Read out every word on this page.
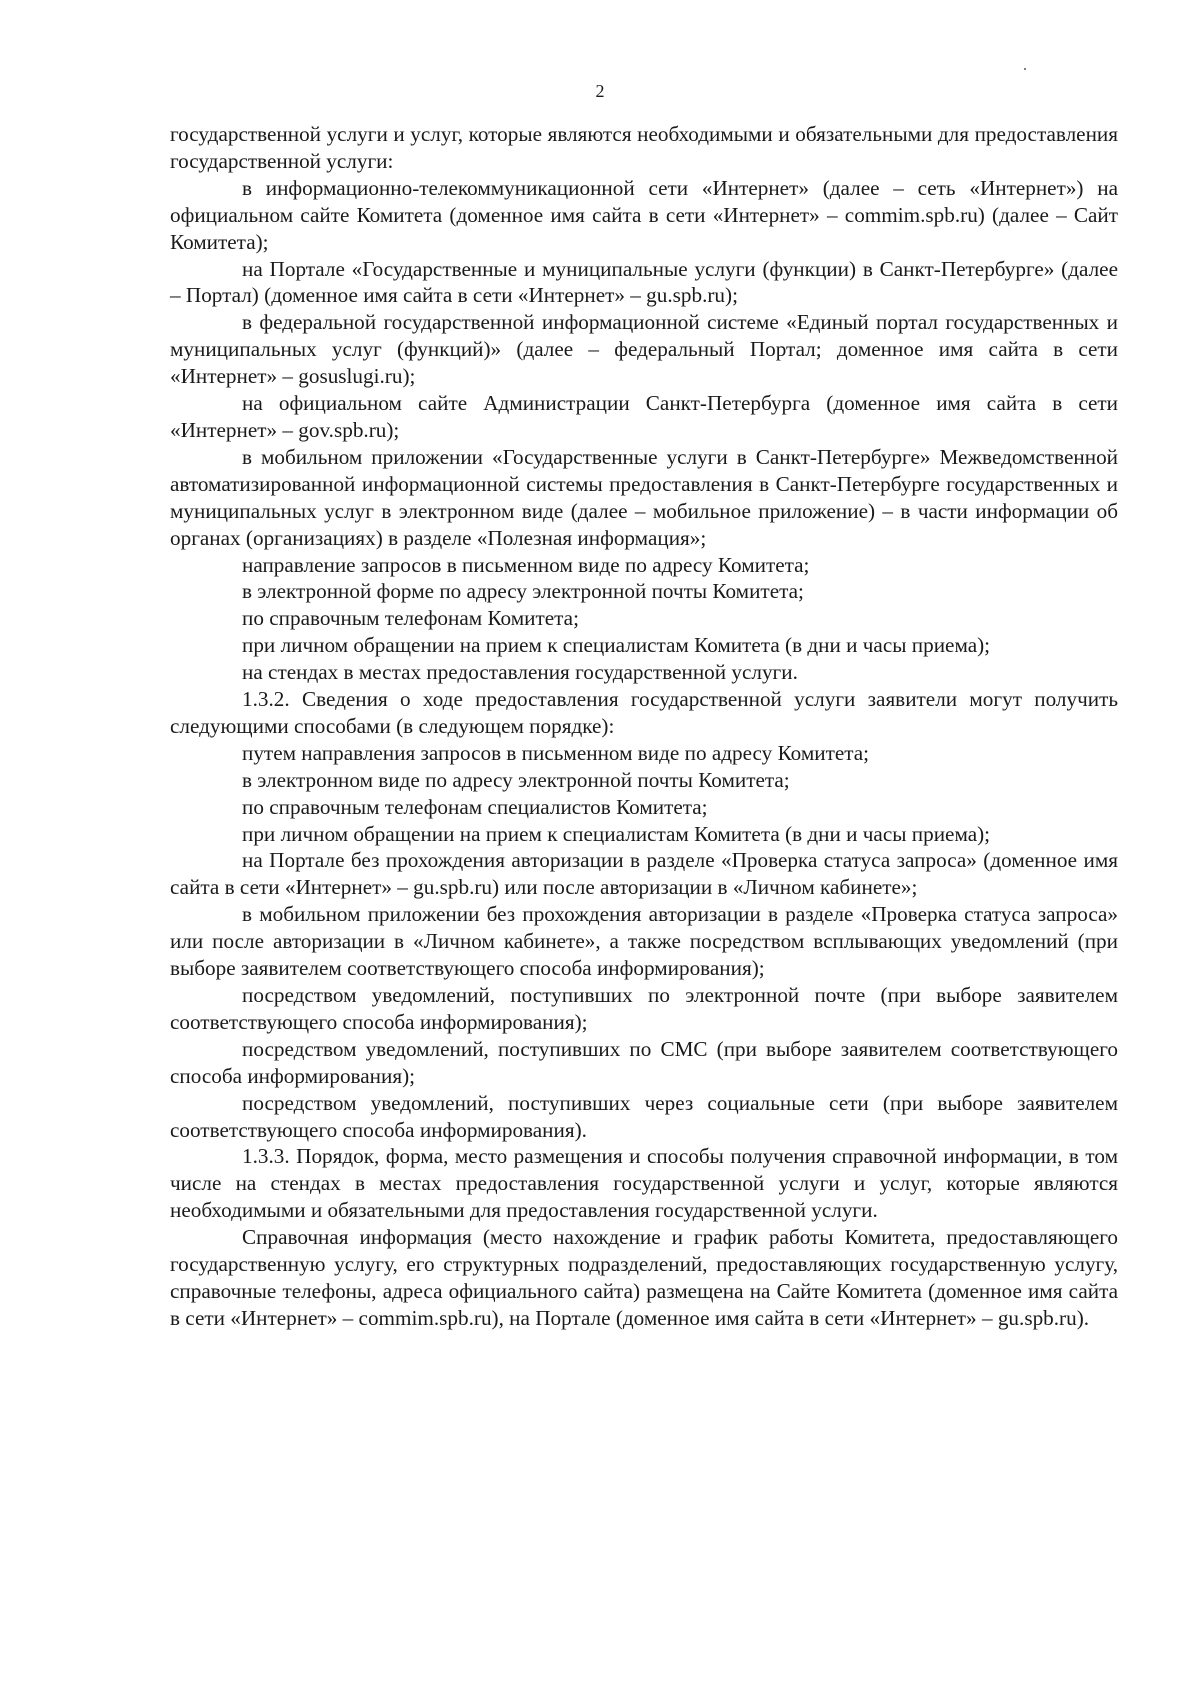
2

государственной услуги и услуг, которые являются необходимыми и обязательными для предоставления государственной услуги:

в информационно-телекоммуникационной сети «Интернет» (далее – сеть «Интернет») на официальном сайте Комитета (доменное имя сайта в сети «Интернет» – commim.spb.ru) (далее – Сайт Комитета);

на Портале «Государственные и муниципальные услуги (функции) в Санкт-Петербурге» (далее – Портал) (доменное имя сайта в сети «Интернет» – gu.spb.ru);

в федеральной государственной информационной системе «Единый портал государственных и муниципальных услуг (функций)» (далее – федеральный Портал; доменное имя сайта в сети «Интернет» – gosuslugi.ru);

на официальном сайте Администрации Санкт-Петербурга (доменное имя сайта в сети «Интернет» – gov.spb.ru);

в мобильном приложении «Государственные услуги в Санкт-Петербурге» Межведомственной автоматизированной информационной системы предоставления в Санкт-Петербурге государственных и муниципальных услуг в электронном виде (далее – мобильное приложение) – в части информации об органах (организациях) в разделе «Полезная информация»;

направление запросов в письменном виде по адресу Комитета;

в электронной форме по адресу электронной почты Комитета;

по справочным телефонам Комитета;

при личном обращении на прием к специалистам Комитета (в дни и часы приема);

на стендах в местах предоставления государственной услуги.

1.3.2. Сведения о ходе предоставления государственной услуги заявители могут получить следующими способами (в следующем порядке):

путем направления запросов в письменном виде по адресу Комитета;

в электронном виде по адресу электронной почты Комитета;

по справочным телефонам специалистов Комитета;

при личном обращении на прием к специалистам Комитета (в дни и часы приема);

на Портале без прохождения авторизации в разделе «Проверка статуса запроса» (доменное имя сайта в сети «Интернет» – gu.spb.ru) или после авторизации в «Личном кабинете»;

в мобильном приложении без прохождения авторизации в разделе «Проверка статуса запроса» или после авторизации в «Личном кабинете», а также посредством всплывающих уведомлений (при выборе заявителем соответствующего способа информирования);

посредством уведомлений, поступивших по электронной почте (при выборе заявителем соответствующего способа информирования);

посредством уведомлений, поступивших по СМС (при выборе заявителем соответствующего способа информирования);

посредством уведомлений, поступивших через социальные сети (при выборе заявителем соответствующего способа информирования).

1.3.3. Порядок, форма, место размещения и способы получения справочной информации, в том числе на стендах в местах предоставления государственной услуги и услуг, которые являются необходимыми и обязательными для предоставления государственной услуги.

Справочная информация (место нахождение и график работы Комитета, предоставляющего государственную услугу, его структурных подразделений, предоставляющих государственную услугу, справочные телефоны, адреса официального сайта) размещена на Сайте Комитета (доменное имя сайта в сети «Интернет» – commim.spb.ru), на Портале (доменное имя сайта в сети «Интернет» – gu.spb.ru).
